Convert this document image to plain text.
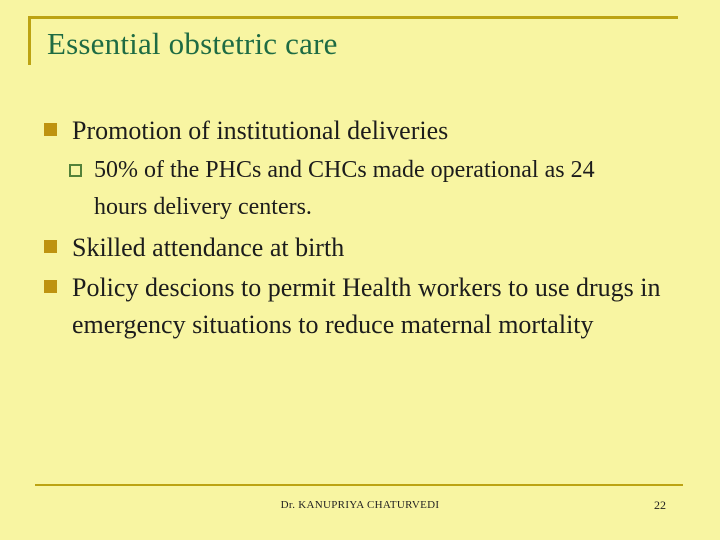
Essential obstetric care
Promotion of institutional deliveries
50% of the PHCs and CHCs made operational as 24 hours delivery centers.
Skilled attendance at birth
Policy descions to permit Health workers to use drugs in emergency situations to reduce maternal mortality
Dr. KANUPRIYA CHATURVEDI	22
